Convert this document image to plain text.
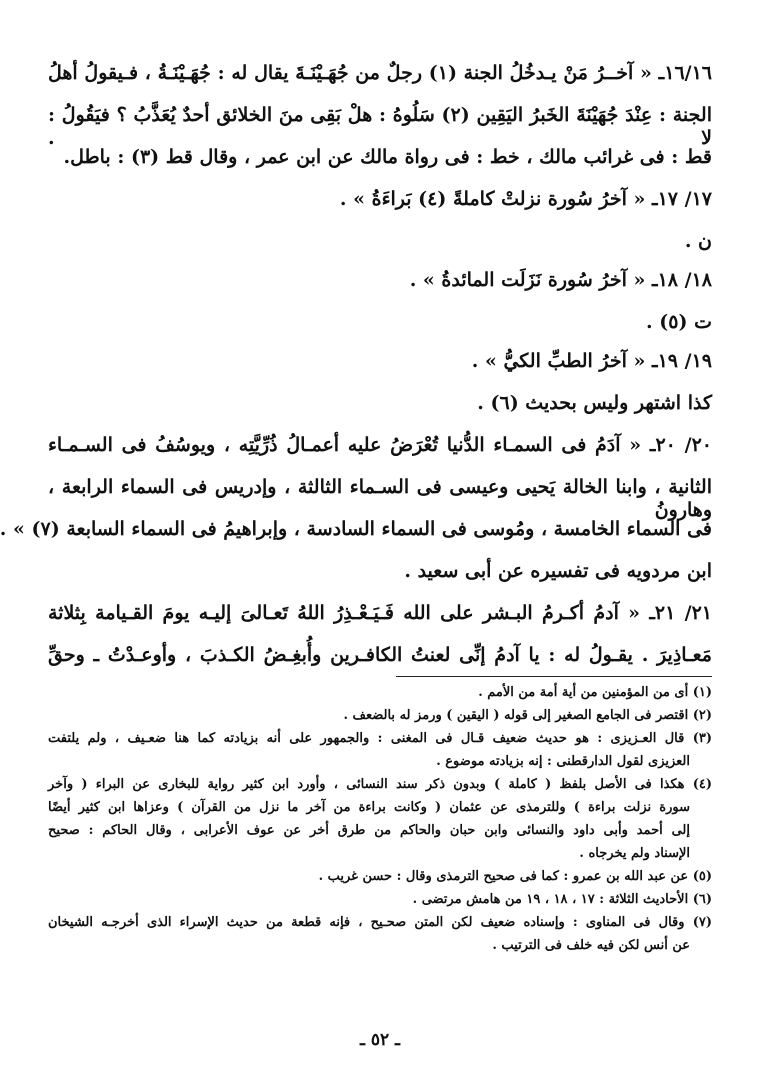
١٦/١٦ـ « آخــرُ مَنْ يـدخُلُ الجنة (١) رجلٌ من جُهَـيْنَـةَ يقال له : جُهَـيْنَـةُ ، فـيقولُ أهلُ
الجنة : عِنْدَ جُهَيْنَةَ الخَبرُ اليَقِين (٢) سَلُوهُ : هلْ بَقِى منَ الخلائق أحدٌ يُعَذَّبُ ؟ فيَقُولُ : لا .
قط : فى غرائب مالك ، خط : فى رواة مالك عن ابن عمر ، وقال قط (٣) : باطل.
١٧/ ١٧ـ « آخرُ سُورة نزلتْ كاملةً (٤) بَراءَةُ » .
ن .
١٨/ ١٨ـ « آخرُ سُورة نَزَلَت المائدةُ » .
ت (٥) .
١٩/ ١٩ـ « آخرُ الطبِّ الكيُّ » .
كذا اشتهر وليس بحديث (٦) .
٢٠/ ٢٠ـ « آدَمُ فى السمـاء الدُّنيا تُعْرَضُ عليه أعمـالُ ذُرِّيَّتِه ، ويوسُفُ فى السـمـاء
الثانية ، وابنا الخالة يَحيى وعيسى فى السـماء الثالثة ، وإدريس فى السماء الرابعة ، وهارونُ
فى السماء الخامسة ، ومُوسى فى السماء السادسة ، وإبراهيمُ فى السماء السابعة (٧) » .
ابن مردويه فى تفسيره عن أبى سعيد .
٢١/ ٢١ـ « آدمُ أكـرمُ البـشر على الله فَـيَـعْـذِرُ اللهُ تَعـالىَ إليـه يومَ القـيامة بِثلاثة
مَعـاذِيرَ . يقـولُ له : يا آدمُ إنِّى لعنتُ الكافـرين وأُبغِـضُ الكـذبَ ، وأوعـدْتُ ـ وحقِّ
(١) أى من المؤمنين من أية أمة من الأمم .
(٢) اقتصر فى الجامع الصغير إلى قوله ( اليقين ) ورمز له بالضعف .
(٣) قال العـزيزى : هو حديث ضعيف قـال فى المغنى : والجمهور على أنه بزيادته كما هنا ضعـيف ، ولم يلتفت
العزيزى لقول الدارقطنى : إنه بزيادته موضوع .
(٤) هكذا فى الأصل بلفظ ( كاملة ) وبدون ذكر سند النسائى ، وأورد ابن كثير رواية للبخارى عن البراء ( وآخر
سورة نزلت براءة ) وللترمذى عن عثمان ( وكانت براءة من آخر ما نزل من القرآن ) وعزاها ابن كثير أيضًا
إلى أحمد وأبى داود والنسائى وابن حبان والحاكم من طرق أخر عن عوف الأعرابى ، وقال الحاكم : صحيح
الإسناد ولم يخرجاه .
(٥) عن عبد الله بن عمرو : كما فى صحيح الترمذى وقال : حسن غريب .
(٦) الأحاديث الثلاثة : ١٧ ، ١٨ ، ١٩ من هامش مرتضى .
(٧) وقال فى المناوى : وإسناده ضعيف لكن المتن صحـيح ، فإنه قطعة من حديث الإسراء الذى أخرجـه الشيخان
عن أنس لكن فيه خلف فى الترتيب .
ـ ٥٢ ـ
